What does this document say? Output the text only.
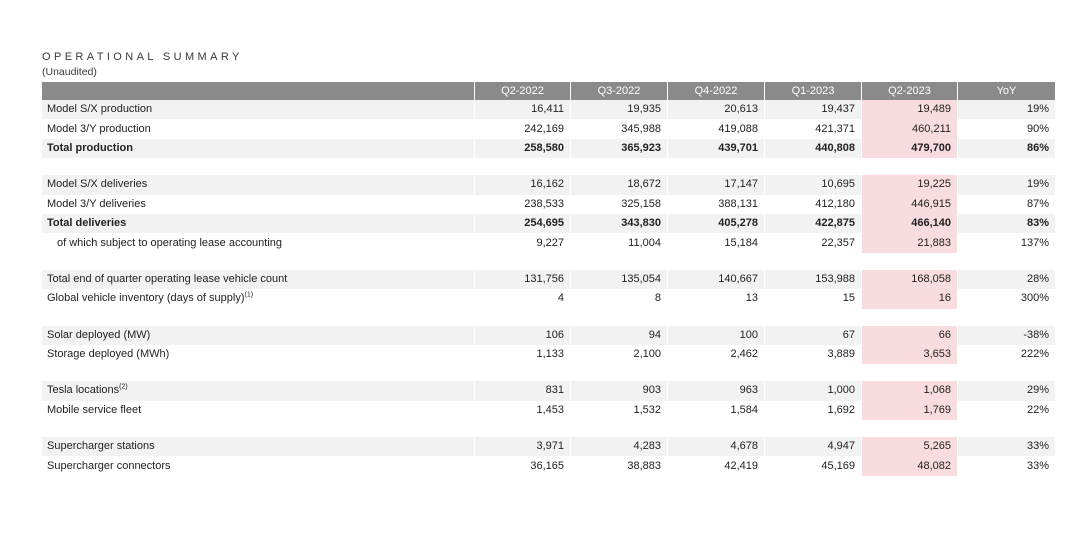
OPERATIONAL SUMMARY
(Unaudited)
	Q2-2022	Q3-2022	Q4-2022	Q1-2023	Q2-2023	YoY
Model S/X production	16,411	19,935	20,613	19,437	19,489	19%
Model 3/Y production	242,169	345,988	419,088	421,371	460,211	90%
Total production	258,580	365,923	439,701	440,808	479,700	86%

Model S/X deliveries	16,162	18,672	17,147	10,695	19,225	19%
Model 3/Y deliveries	238,533	325,158	388,131	412,180	446,915	87%
Total deliveries	254,695	343,830	405,278	422,875	466,140	83%
of which subject to operating lease accounting	9,227	11,004	15,184	22,357	21,883	137%

Total end of quarter operating lease vehicle count	131,756	135,054	140,667	153,988	168,058	28%
Global vehicle inventory (days of supply)$^{(1)}$	4	8	13	15	16	300%

Solar deployed (MW)	106	94	100	67	66	-38%
Storage deployed (MWh)	1,133	2,100	2,462	3,889	3,653	222%

Tesla locations$^{(2)}$	831	903	963	1,000	1,068	29%
Mobile service fleet	1,453	1,532	1,584	1,692	1,769	22%

Supercharger stations	3,971	4,283	4,678	4,947	5,265	33%
Supercharger connectors	36,165	38,883	42,419	45,169	48,082	33%
